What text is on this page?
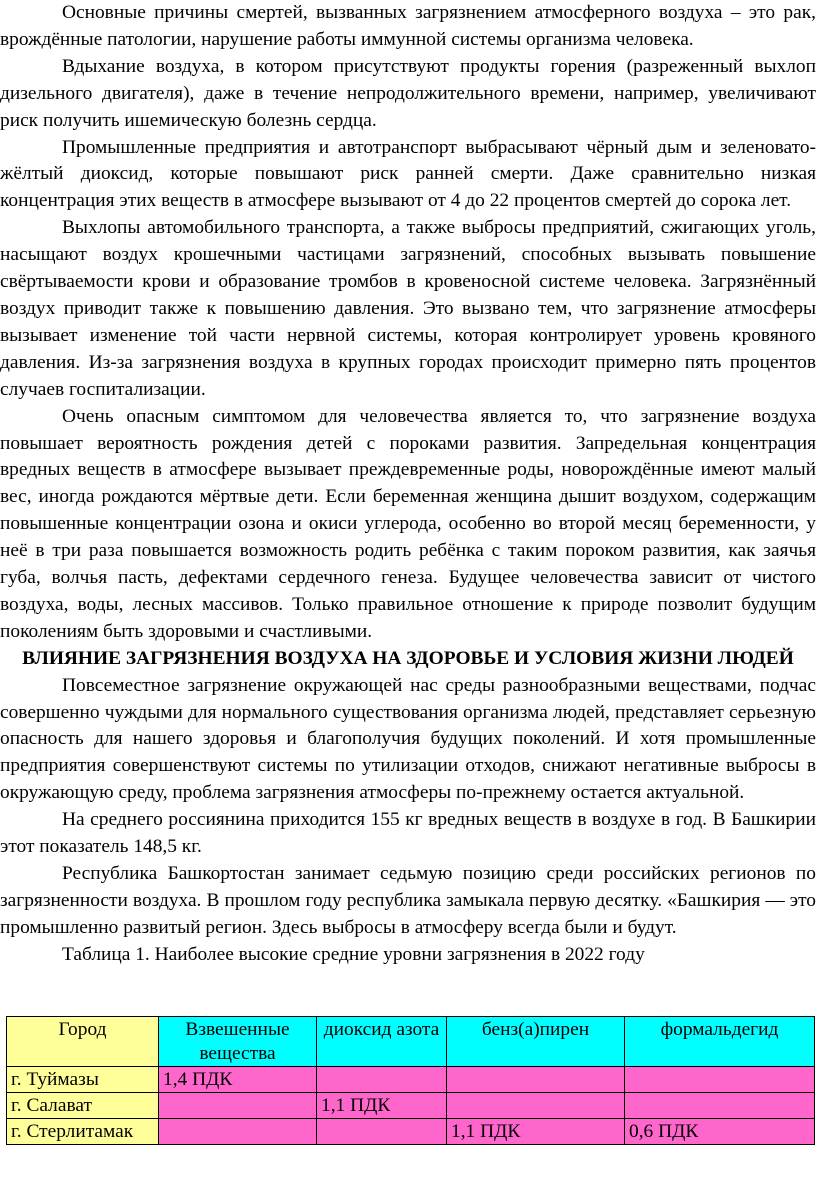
Основные причины смертей, вызванных загрязнением атмосферного воздуха – это рак, врождённые патологии, нарушение работы иммунной системы организма человека.

Вдыхание воздуха, в котором присутствуют продукты горения (разреженный выхлоп дизельного двигателя), даже в течение непродолжительного времени, например, увеличивают риск получить ишемическую болезнь сердца.

Промышленные предприятия и автотранспорт выбрасывают чёрный дым и зеленовато-жёлтый диоксид, которые повышают риск ранней смерти. Даже сравнительно низкая концентрация этих веществ в атмосфере вызывают от 4 до 22 процентов смертей до сорока лет.

Выхлопы автомобильного транспорта, а также выбросы предприятий, сжигающих уголь, насыщают воздух крошечными частицами загрязнений, способных вызывать повышение свёртываемости крови и образование тромбов в кровеносной системе человека. Загрязнённый воздух приводит также к повышению давления. Это вызвано тем, что загрязнение атмосферы вызывает изменение той части нервной системы, которая контролирует уровень кровяного давления. Из-за загрязнения воздуха в крупных городах происходит примерно пять процентов случаев госпитализации.

Очень опасным симптомом для человечества является то, что загрязнение воздуха повышает вероятность рождения детей с пороками развития. Запредельная концентрация вредных веществ в атмосфере вызывает преждевременные роды, новорождённые имеют малый вес, иногда рождаются мёртвые дети. Если беременная женщина дышит воздухом, содержащим повышенные концентрации озона и окиси углерода, особенно во второй месяц беременности, у неё в три раза повышается возможность родить ребёнка с таким пороком развития, как заячья губа, волчья пасть, дефектами сердечного генеза. Будущее человечества зависит от чистого воздуха, воды, лесных массивов. Только правильное отношение к природе позволит будущим поколениям быть здоровыми и счастливыми.

ВЛИЯНИЕ ЗАГРЯЗНЕНИЯ ВОЗДУХА НА ЗДОРОВЬЕ И УСЛОВИЯ ЖИЗНИ ЛЮДЕЙ

Повсеместное загрязнение окружающей нас среды разнообразными веществами, подчас совершенно чуждыми для нормального существования организма людей, представляет серьезную опасность для нашего здоровья и благополучия будущих поколений. И хотя промышленные предприятия совершенствуют системы по утилизации отходов, снижают негативные выбросы в окружающую среду, проблема загрязнения атмосферы по-прежнему остается актуальной.

На среднего россиянина приходится 155 кг вредных веществ в воздухе в год. В Башкирии этот показатель 148,5 кг.

Республика Башкортостан занимает седьмую позицию среди российских регионов по загрязненности воздуха. В прошлом году республика замыкала первую десятку. «Башкирия — это промышленно развитый регион. Здесь выбросы в атмосферу всегда были и будут.

Таблица 1. Наиболее высокие средние уровни загрязнения в 2022 году

Город	Взвешенные вещества	диоксид азота	бенз(а)пирен	формальдегид
г. Туймазы	1,4 ПДК			
г. Салават		1,1 ПДК		
г. Стерлитамак			1,1 ПДК	0,6 ПДК
